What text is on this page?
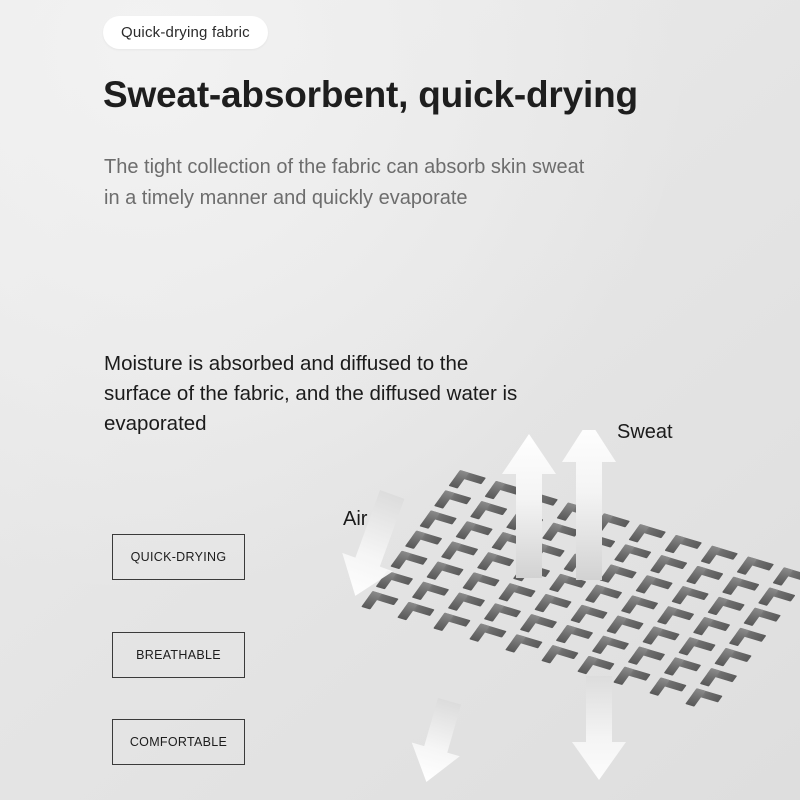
Quick-drying fabric
Sweat-absorbent, quick-drying
The tight collection of the fabric can absorb skin sweat in a timely manner and quickly evaporate
Moisture is absorbed and diffused to the surface of the fabric, and the diffused water is evaporated
QUICK-DRYING
BREATHABLE
COMFORTABLE
Air
Sweat
